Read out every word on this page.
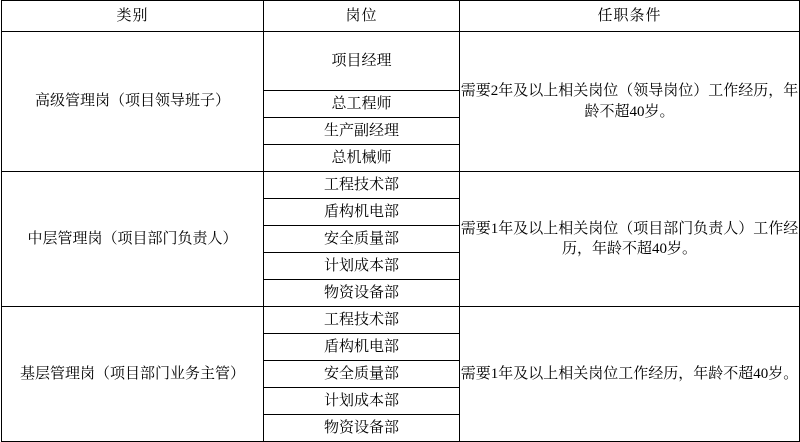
类别	岗位	任职条件
高级管理岗（项目领导班子）	项目经理	需要2年及以上相关岗位（领导岗位）工作经历，年龄不超40岁。
	总工程师	
	生产副经理	
	总机械师	
中层管理岗（项目部门负责人）	工程技术部	需要1年及以上相关岗位（项目部门负责人）工作经历，年龄不超40岁。
	盾构机电部	
	安全质量部	
	计划成本部	
	物资设备部	
基层管理岗（项目部门业务主管）	工程技术部	需要1年及以上相关岗位工作经历，年龄不超40岁。
	盾构机电部	
	安全质量部	
	计划成本部	
	物资设备部	
